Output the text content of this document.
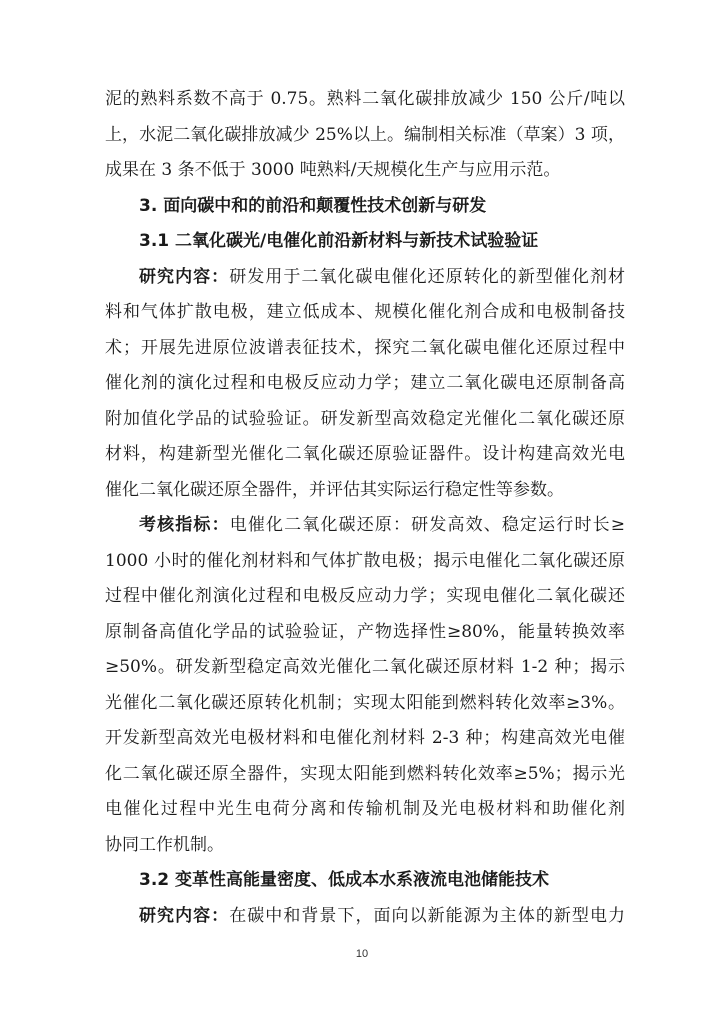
泥的熟料系数不高于 0.75。熟料二氧化碳排放减少 150 公斤/吨以
上，水泥二氧化碳排放减少 25%以上。编制相关标准（草案）3 项，
成果在 3 条不低于 3000 吨熟料/天规模化生产与应用示范。
3. 面向碳中和的前沿和颠覆性技术创新与研发
3.1 二氧化碳光/电催化前沿新材料与新技术试验验证
研究内容：研发用于二氧化碳电催化还原转化的新型催化剂材
料和气体扩散电极，建立低成本、规模化催化剂合成和电极制备技
术；开展先进原位波谱表征技术，探究二氧化碳电催化还原过程中
催化剂的演化过程和电极反应动力学；建立二氧化碳电还原制备高
附加值化学品的试验验证。研发新型高效稳定光催化二氧化碳还原
材料，构建新型光催化二氧化碳还原验证器件。设计构建高效光电
催化二氧化碳还原全器件，并评估其实际运行稳定性等参数。
考核指标：电催化二氧化碳还原：研发高效、稳定运行时长≥
1000 小时的催化剂材料和气体扩散电极；揭示电催化二氧化碳还原
过程中催化剂演化过程和电极反应动力学；实现电催化二氧化碳还
原制备高值化学品的试验验证，产物选择性≥80%，能量转换效率
≥50%。研发新型稳定高效光催化二氧化碳还原材料 1-2 种；揭示
光催化二氧化碳还原转化机制；实现太阳能到燃料转化效率≥3%。
开发新型高效光电极材料和电催化剂材料 2-3 种；构建高效光电催
化二氧化碳还原全器件，实现太阳能到燃料转化效率≥5%；揭示光
电催化过程中光生电荷分离和传输机制及光电极材料和助催化剂
协同工作机制。
3.2 变革性高能量密度、低成本水系液流电池储能技术
研究内容：在碳中和背景下，面向以新能源为主体的新型电力
10
